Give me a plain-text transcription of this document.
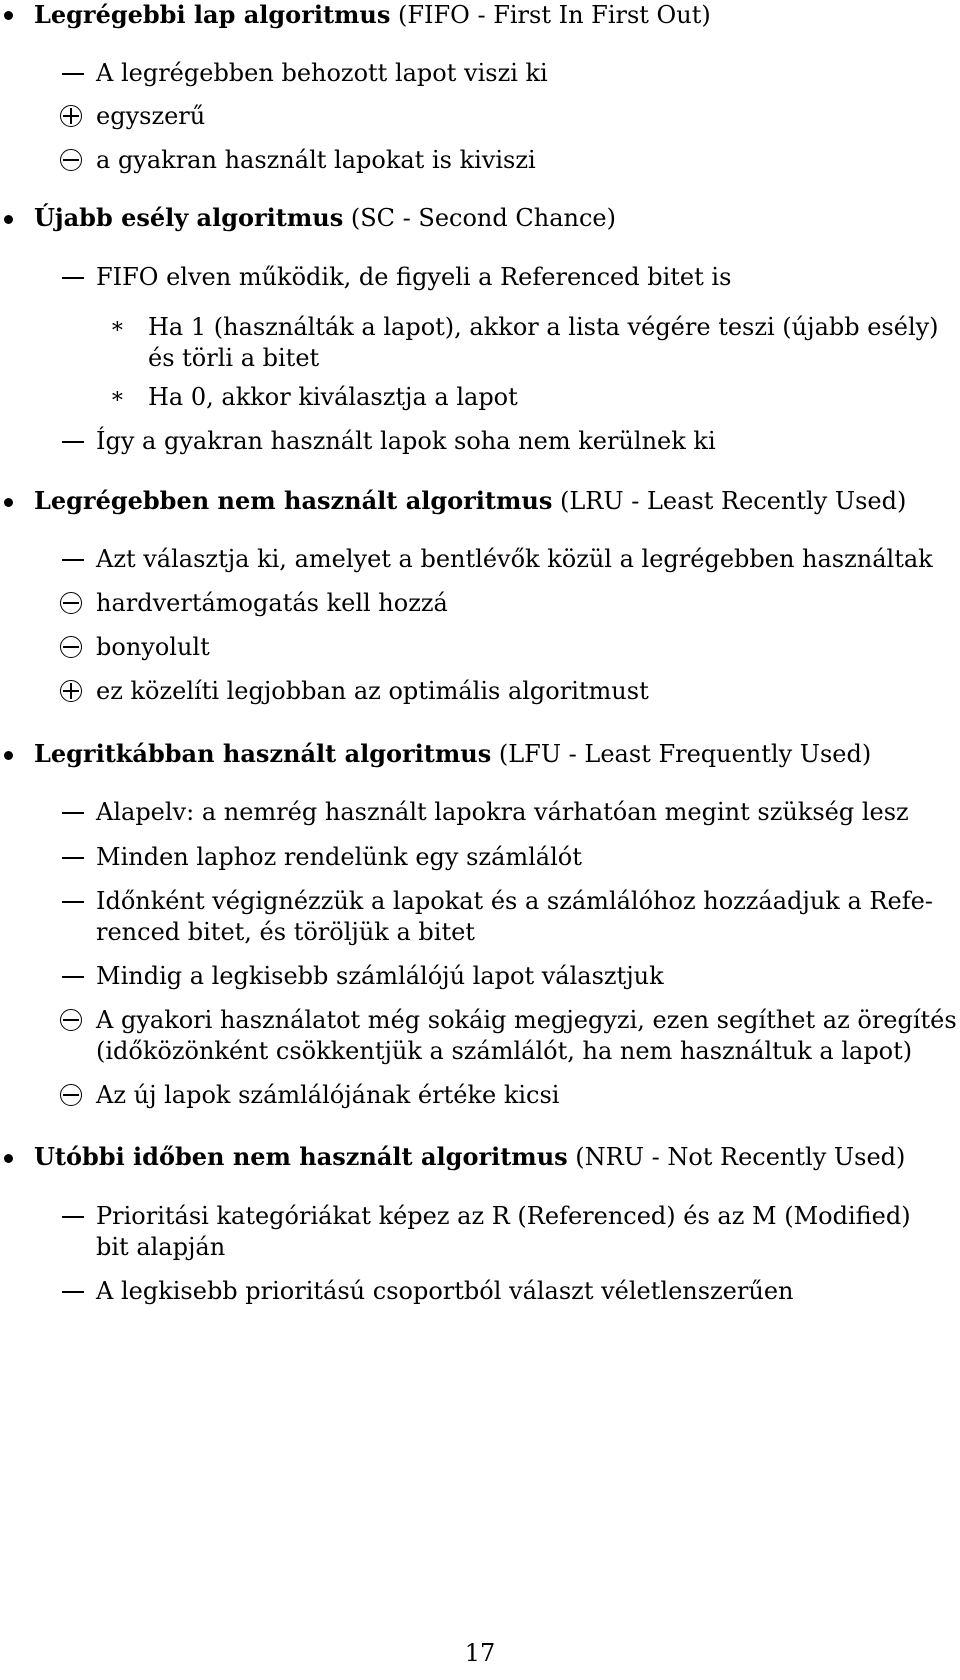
Legrégebbi lap algoritmus (FIFO - First In First Out)
A legrégebben behozott lapot viszi ki
egyszerű
a gyakran használt lapokat is kiviszi
Újabb esély algoritmus (SC - Second Chance)
FIFO elven működik, de figyeli a Referenced bitet is
∗ Ha 1 (használták a lapot), akkor a lista végére teszi (újabb esély)
és törli a bitet
∗ Ha 0, akkor kiválasztja a lapot
Így a gyakran használt lapok soha nem kerülnek ki
Legrégebben nem használt algoritmus (LRU - Least Recently Used)
Azt választja ki, amelyet a bentlévők közül a legrégebben használtak
hardvertámogatás kell hozzá
bonyolult
ez közelíti legjobban az optimális algoritmust
Legritkábban használt algoritmus (LFU - Least Frequently Used)
Alapelv: a nemrég használt lapokra várhatóan megint szükség lesz
Minden laphoz rendelünk egy számlálót
Időnként végignézzük a lapokat és a számlálóhoz hozzáadjuk a Refe-
renced bitet, és töröljük a bitet
Mindig a legkisebb számlálójú lapot választjuk
A gyakori használatot még sokáig megjegyzi, ezen segíthet az öregítés
(időközönként csökkentjük a számlálót, ha nem használtuk a lapot)
Az új lapok számlálójának értéke kicsi
Utóbbi időben nem használt algoritmus (NRU - Not Recently Used)
Prioritási kategóriákat képez az R (Referenced) és az M (Modified)
bit alapján
A legkisebb prioritású csoportból választ véletlenszerűen
17
